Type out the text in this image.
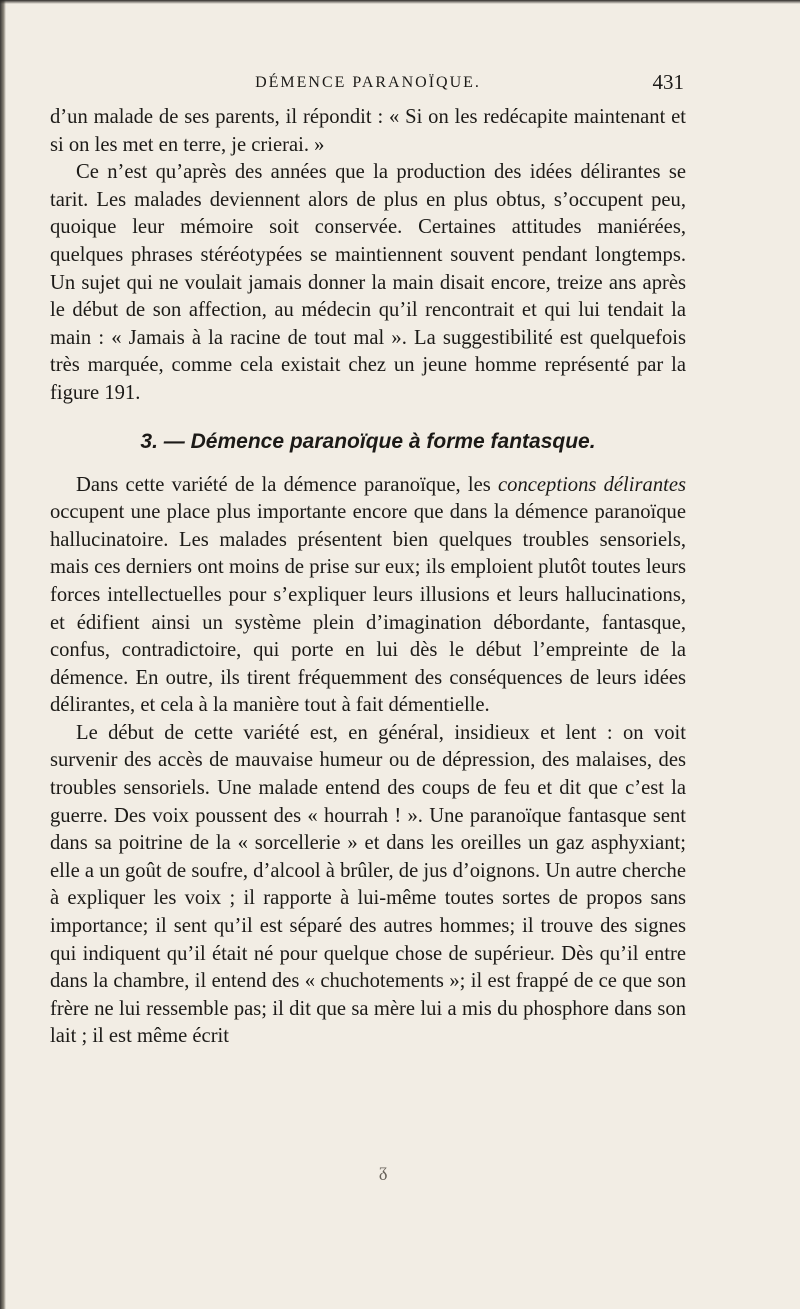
DÉMENCE PARANOÏQUE.	431

d’un malade de ses parents, il répondit : « Si on les redécapite maintenant et si on les met en terre, je crierai. »

Ce n’est qu’après des années que la production des idées délirantes se tarit. Les malades deviennent alors de plus en plus obtus, s’occupent peu, quoique leur mémoire soit conservée. Certaines attitudes maniérées, quelques phrases stéréotypées se maintiennent souvent pendant longtemps. Un sujet qui ne voulait jamais donner la main disait encore, treize ans après le début de son affection, au médecin qu’il rencontrait et qui lui tendait la main : « Jamais à la racine de tout mal ». La suggestibilité est quelquefois très marquée, comme cela existait chez un jeune homme représenté par la figure 191.

3. — Démence paranoïque à forme fantasque.

Dans cette variété de la démence paranoïque, les conceptions délirantes occupent une place plus importante encore que dans la démence paranoïque hallucinatoire. Les malades présentent bien quelques troubles sensoriels, mais ces derniers ont moins de prise sur eux; ils emploient plutôt toutes leurs forces intellectuelles pour s’expliquer leurs illusions et leurs hallucinations, et édifient ainsi un système plein d’imagination débordante, fantasque, confus, contradictoire, qui porte en lui dès le début l’empreinte de la démence. En outre, ils tirent fréquemment des conséquences de leurs idées délirantes, et cela à la manière tout à fait démentielle.

Le début de cette variété est, en général, insidieux et lent : on voit survenir des accès de mauvaise humeur ou de dépression, des malaises, des troubles sensoriels. Une malade entend des coups de feu et dit que c’est la guerre. Des voix poussent des « hourrah ! ». Une paranoïque fantasque sent dans sa poitrine de la « sorcellerie » et dans les oreilles un gaz asphyxiant; elle a un goût de soufre, d’alcool à brûler, de jus d’oignons. Un autre cherche à expliquer les voix ; il rapporte à lui-même toutes sortes de propos sans importance; il sent qu’il est séparé des autres hommes; il trouve des signes qui indiquent qu’il était né pour quelque chose de supérieur. Dès qu’il entre dans la chambre, il entend des « chuchotements »; il est frappé de ce que son frère ne lui ressemble pas; il dit que sa mère lui a mis du phosphore dans son lait ; il est même écrit

ᵹ
